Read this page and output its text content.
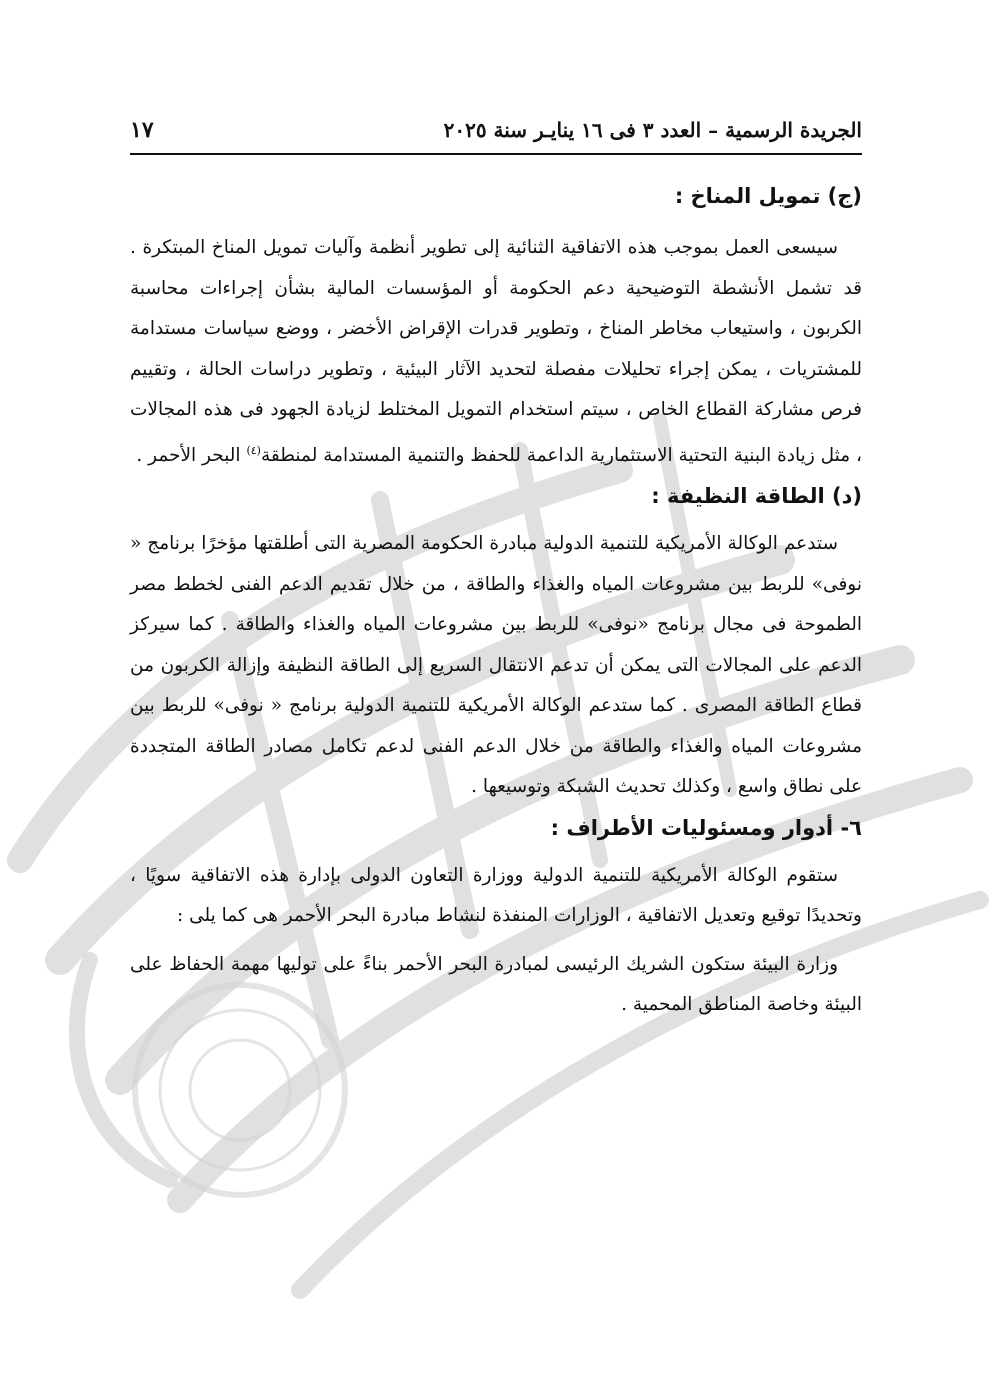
الجريدة الرسمية – العدد ٣ فى ١٦ ينايـر سنة ٢٠٢٥
١٧
(ج) تمويل المناخ :

سيسعى العمل بموجب هذه الاتفاقية الثنائية إلى تطوير أنظمة وآليات تمويل المناخ المبتكرة . قد تشمل الأنشطة التوضيحية دعم الحكومة أو المؤسسات المالية بشأن إجراءات محاسبة الكربون ، واستيعاب مخاطر المناخ ، وتطوير قدرات الإقراض الأخضر ، ووضع سياسات مستدامة للمشتريات ، يمكن إجراء تحليلات مفصلة لتحديد الآثار البيئية ، وتطوير دراسات الحالة ، وتقييم فرص مشاركة القطاع الخاص ، سيتم استخدام التمويل المختلط لزيادة الجهود فى هذه المجالات ، مثل زيادة البنية التحتية الاستثمارية الداعمة للحفظ والتنمية المستدامة لمنطقة$^{(٤)}$ البحر الأحمر .

(د) الطاقة النظيفة :

ستدعم الوكالة الأمريكية للتنمية الدولية مبادرة الحكومة المصرية التى أطلقتها مؤخرًا برنامج « نوفى» للربط بين مشروعات المياه والغذاء والطاقة ، من خلال تقديم الدعم الفنى لخطط مصر الطموحة فى مجال برنامج «نوفى» للربط بين مشروعات المياه والغذاء والطاقة . كما سيركز الدعم على المجالات التى يمكن أن تدعم الانتقال السريع إلى الطاقة النظيفة وإزالة الكربون من قطاع الطاقة المصرى . كما ستدعم الوكالة الأمريكية للتنمية الدولية برنامج « نوفى» للربط بين مشروعات المياه والغذاء والطاقة من خلال الدعم الفنى لدعم تكامل مصادر الطاقة المتجددة على نطاق واسع ، وكذلك تحديث الشبكة وتوسيعها .

٦- أدوار ومسئوليات الأطراف :

ستقوم الوكالة الأمريكية للتنمية الدولية ووزارة التعاون الدولى بإدارة هذه الاتفاقية سويًا ، وتحديدًا توقيع وتعديل الاتفاقية ، الوزارات المنفذة لنشاط مبادرة البحر الأحمر هى كما يلى :

وزارة البيئة ستكون الشريك الرئيسى لمبادرة البحر الأحمر بناءً على توليها مهمة الحفاظ على البيئة وخاصة المناطق المحمية .
